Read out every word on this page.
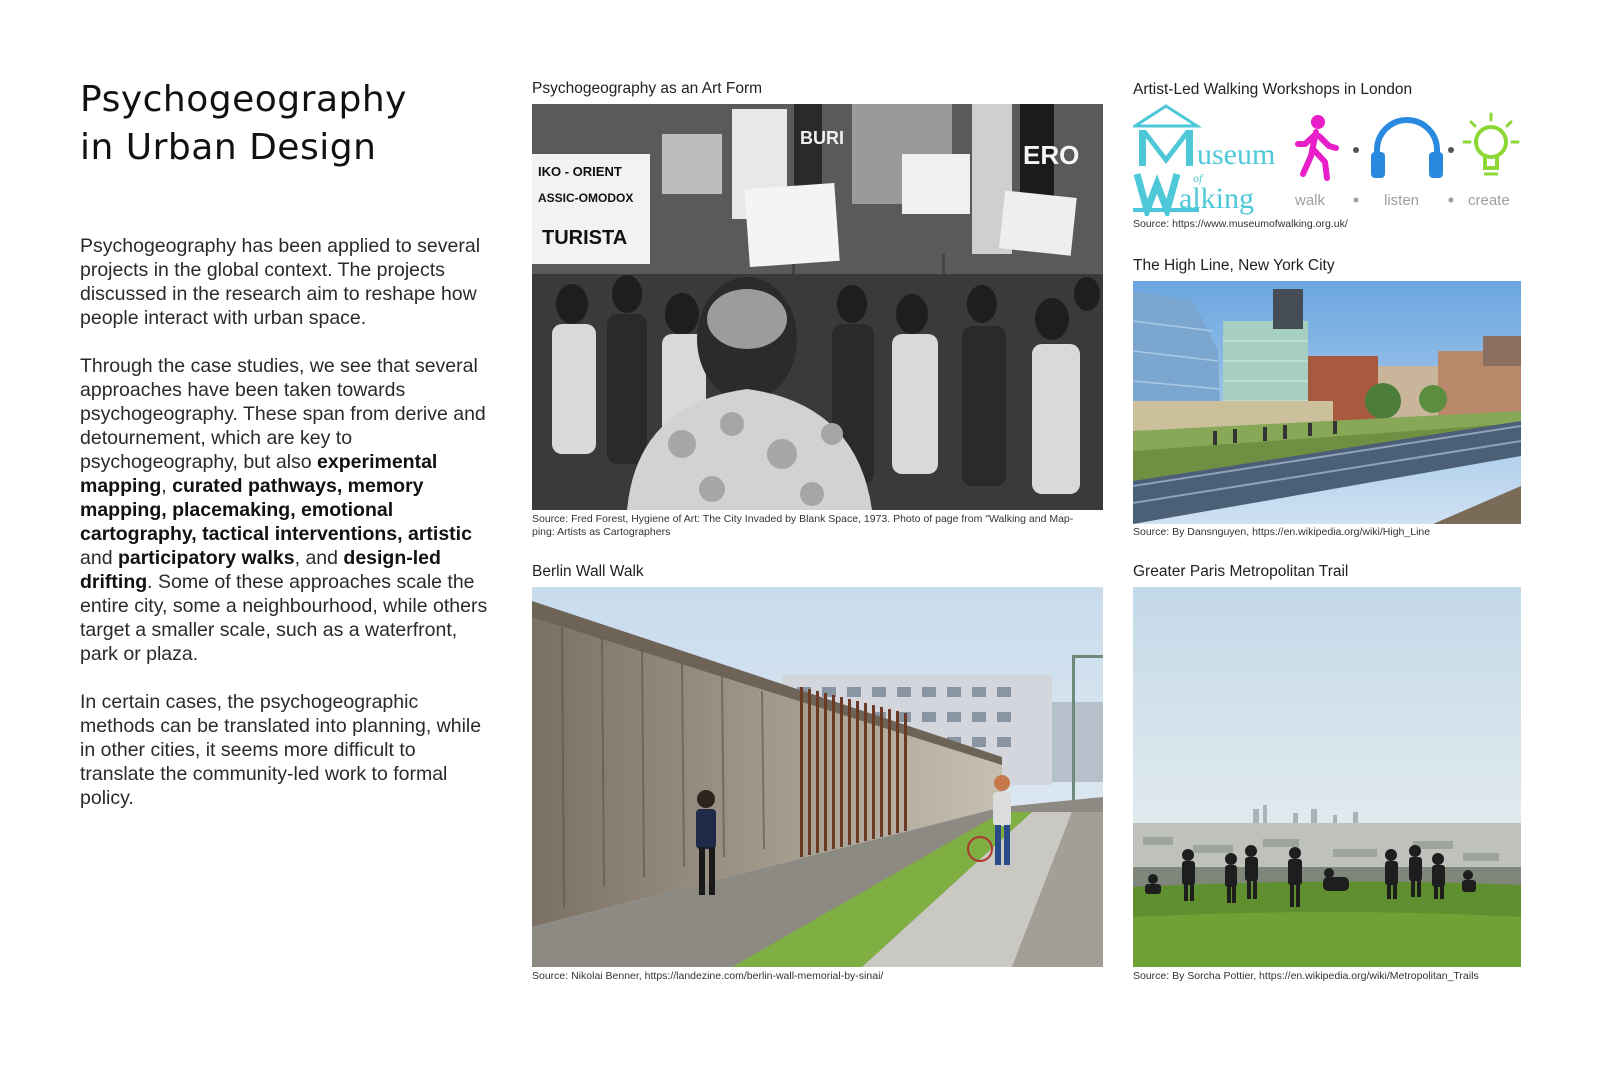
Psychogeography
in Urban Design

Psychogeography has been applied to several projects in the global context. The projects discussed in the research aim to reshape how people interact with urban space.

Through the case studies, we see that several approaches have been taken towards psychogeography. These span from derive and detournement, which are key to psychogeography, but also experimental mapping, curated pathways, memory mapping, placemaking, emotional cartography, tactical interventions, artistic and participatory walks, and design-led drifting. Some of these approaches scale the entire city, some a neighbourhood, while others target a smaller scale, such as a waterfront, park or plaza.

In certain cases, the psychogeographic methods can be translated into planning, while in other cities, it seems more difficult to translate the community-led work to formal policy.

Psychogeography as an Art Form
IKO - ORIENT
ASSIC-OMODOX
TURISTA
BURI
ERO
Source: Fred Forest, Hygiene of Art: The City Invaded by Blank Space, 1973. Photo of page from "Walking and Map-
ping: Artists as Cartographers
Artist-Led Walking Workshops in London
useum
of
alking	walk	listen	create
Source: https://www.museumofwalking.org.uk/
The High Line, New York City
Source: By Dansnguyen, https://en.wikipedia.org/wiki/High_Line
Berlin Wall Walk
Source: Nikolai Benner, https://landezine.com/berlin-wall-memorial-by-sinai/
Greater Paris Metropolitan Trail
Source: By Sorcha Pottier, https://en.wikipedia.org/wiki/Metropolitan_Trails
